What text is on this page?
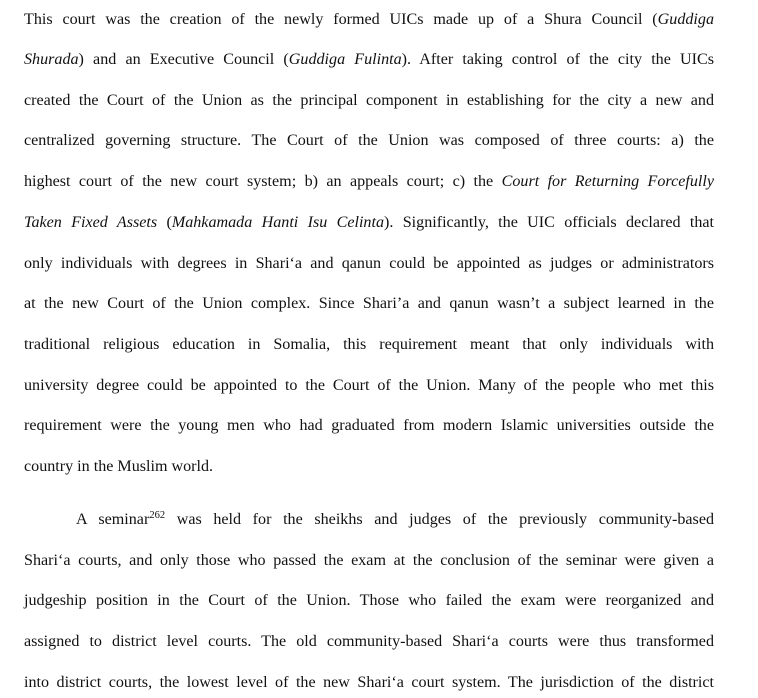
This court was the creation of the newly formed UICs made up of a Shura Council (Guddiga
Shurada) and an Executive Council (Guddiga Fulinta). After taking control of the city the UICs
created the Court of the Union as the principal component in establishing for the city a new and
centralized governing structure. The Court of the Union was composed of three courts: a) the
highest court of the new court system; b) an appeals court; c) the Court for Returning Forcefully
Taken Fixed Assets (Mahkamada Hanti Isu Celinta). Significantly, the UIC officials declared that
only individuals with degrees in Shari‘a and qanun could be appointed as judges or administrators
at the new Court of the Union complex. Since Shari’a and qanun wasn’t a subject learned in the
traditional religious education in Somalia, this requirement meant that only individuals with
university degree could be appointed to the Court of the Union. Many of the people who met this
requirement were the young men who had graduated from modern Islamic universities outside the
country in the Muslim world.
A seminar$^{262}$ was held for the sheikhs and judges of the previously community-based
Shari‘a courts, and only those who passed the exam at the conclusion of the seminar were given a
judgeship position in the Court of the Union. Those who failed the exam were reorganized and
assigned to district level courts. The old community-based Shari‘a courts were thus transformed
into district courts, the lowest level of the new Shari‘a court system. The jurisdiction of the district
